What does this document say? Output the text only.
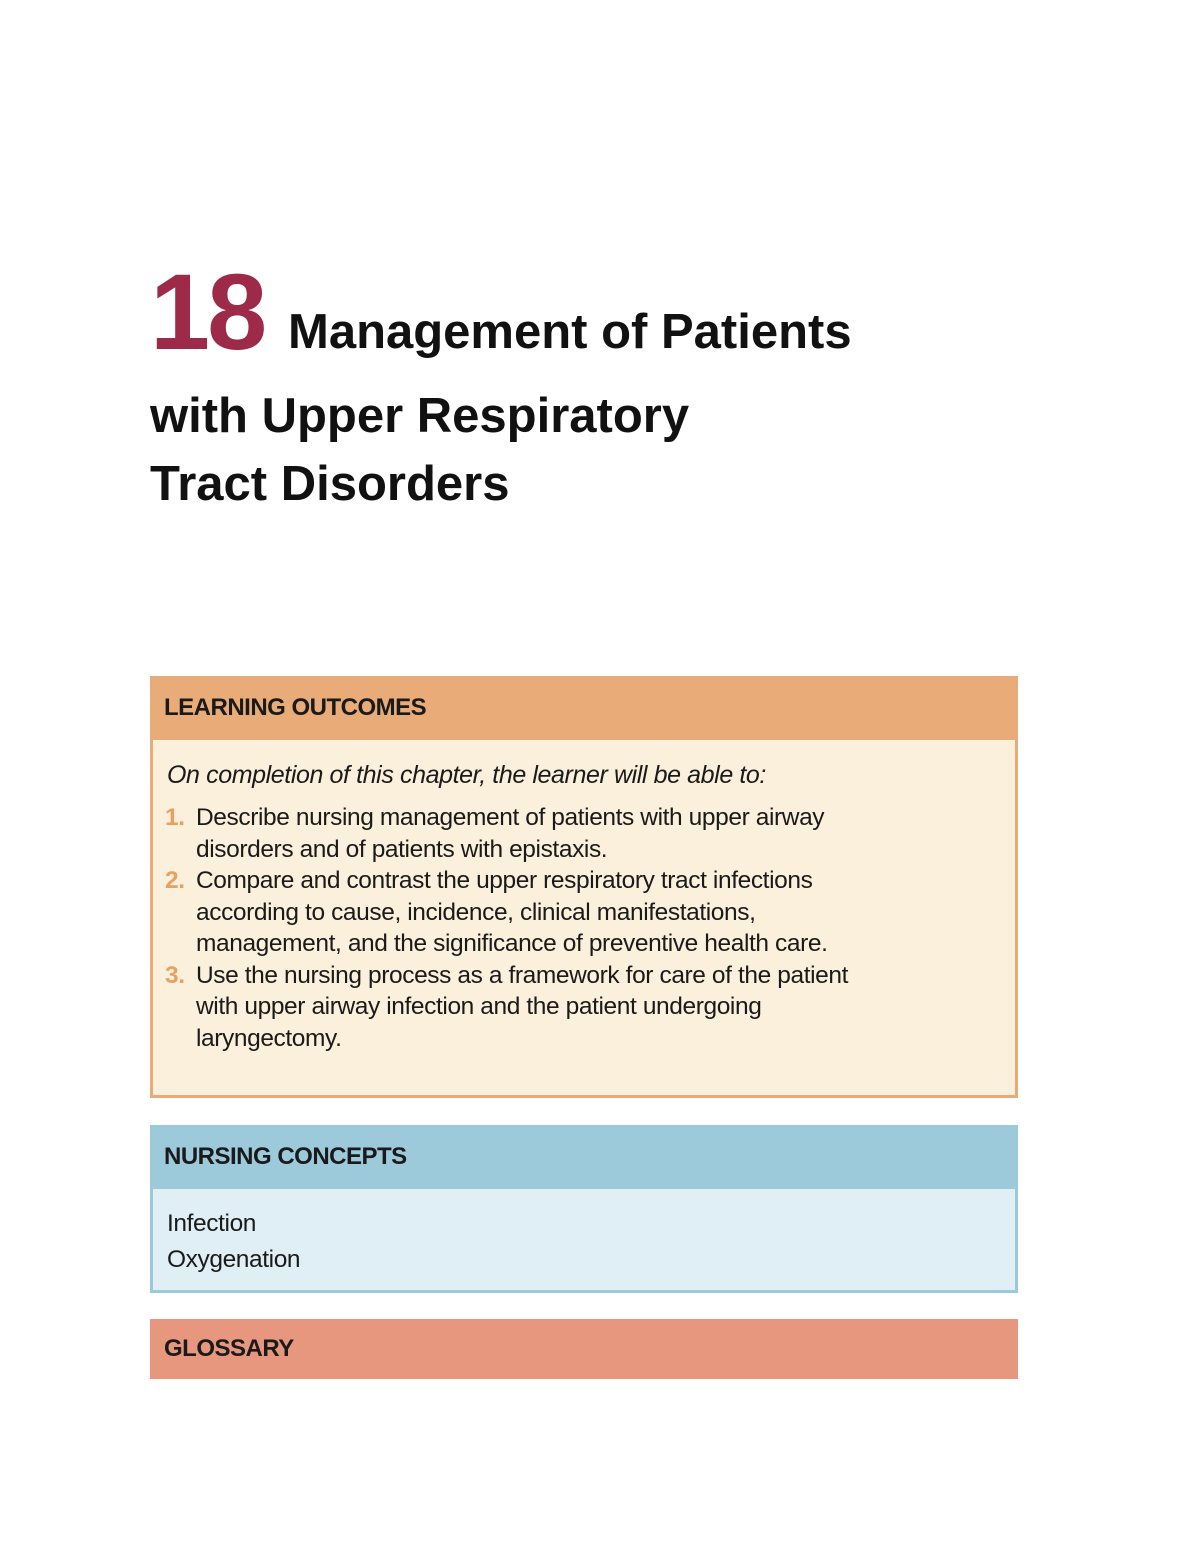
18 Management of Patients
with Upper Respiratory
Tract Disorders
LEARNING OUTCOMES
On completion of this chapter, the learner will be able to:
1. Describe nursing management of patients with upper airway
disorders and of patients with epistaxis.
2. Compare and contrast the upper respiratory tract infections
according to cause, incidence, clinical manifestations,
management, and the significance of preventive health care.
3. Use the nursing process as a framework for care of the patient
with upper airway infection and the patient undergoing
laryngectomy.
NURSING CONCEPTS
Infection
Oxygenation
GLOSSARY
